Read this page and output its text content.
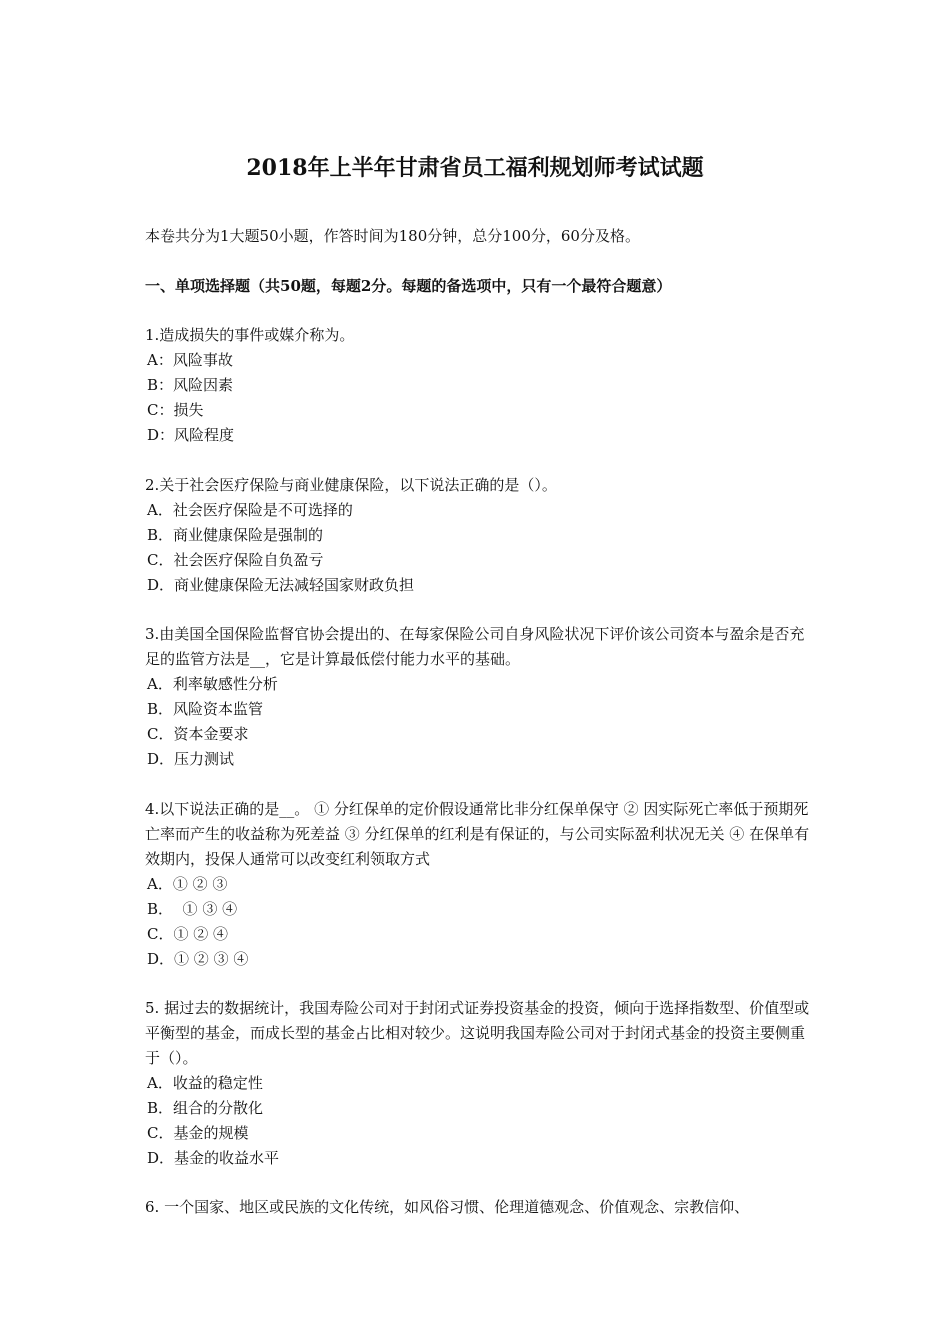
2018年上半年甘肃省员工福利规划师考试试题
本卷共分为1大题50小题，作答时间为180分钟，总分100分，60分及格。
一、单项选择题（共50题，每题2分。每题的备选项中，只有一个最符合题意）

1.造成损失的事件或媒介称为。

A：风险事故
B：风险因素
C：损失
D：风险程度

2.关于社会医疗保险与商业健康保险，以下说法正确的是（）。

A．社会医疗保险是不可选择的
B．商业健康保险是强制的
C．社会医疗保险自负盈亏
D．商业健康保险无法减轻国家财政负担

3.由美国全国保险监督官协会提出的、在每家保险公司自身风险状况下评价该公司资本与盈余是否充足的监管方法是__，它是计算最低偿付能力水平的基础。

A．利率敏感性分析
B．风险资本监管
C．资本金要求
D．压力测试

4.以下说法正确的是__。 ① 分红保单的定价假设通常比非分红保单保守 ② 因实际死亡率低于预期死亡率而产生的收益称为死差益 ③ 分红保单的红利是有保证的，与公司实际盈利状况无关 ④ 在保单有效期内，投保人通常可以改变红利领取方式

A．① ② ③
B．  ① ③ ④
C．① ② ④
D．① ② ③ ④

5. 据过去的数据统计，我国寿险公司对于封闭式证券投资基金的投资，倾向于选择指数型、价值型或平衡型的基金，而成长型的基金占比相对较少。这说明我国寿险公司对于封闭式基金的投资主要侧重于（）。

A．收益的稳定性
B．组合的分散化
C．基金的规模
D．基金的收益水平

6. 一个国家、地区或民族的文化传统，如风俗习惯、伦理道德观念、价值观念、宗教信仰、
